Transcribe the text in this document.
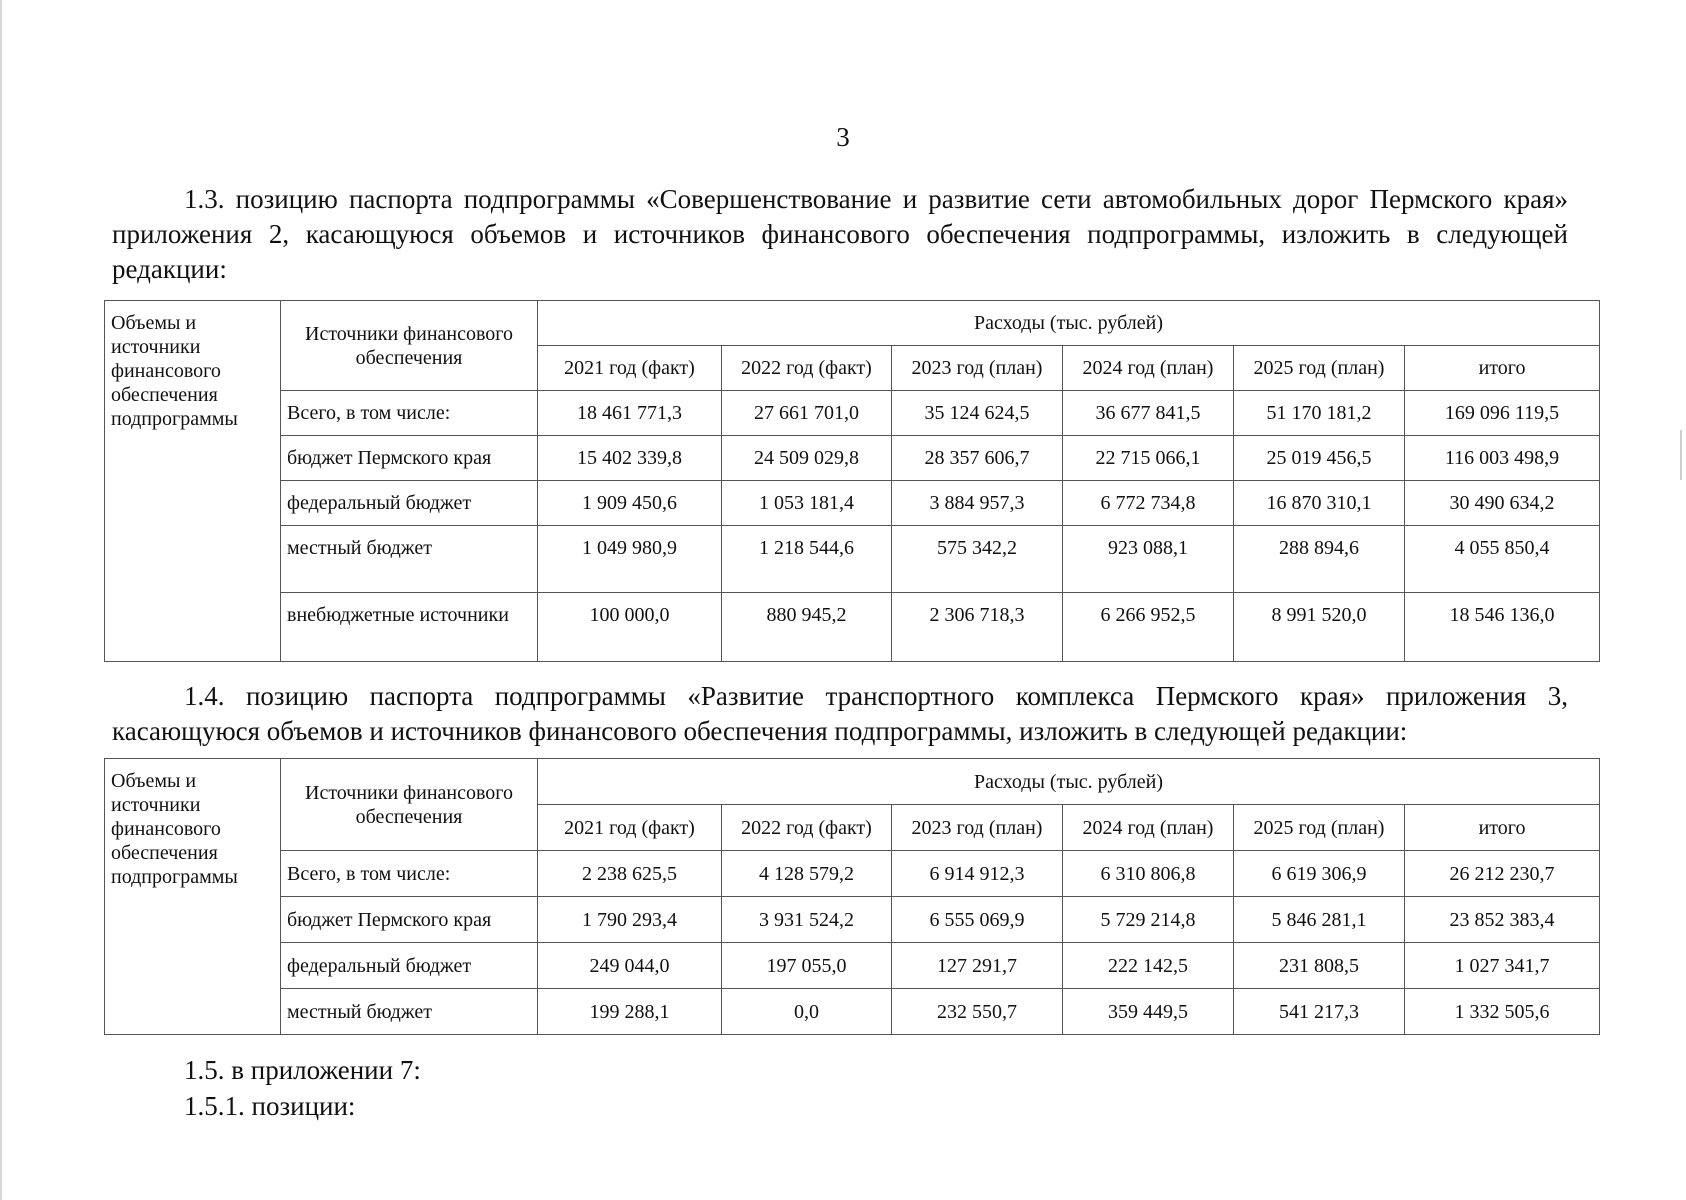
3
1.3. позицию паспорта подпрограммы «Совершенствование и развитие сети автомобильных дорог Пермского края» приложения 2, касающуюся объемов и источников финансового обеспечения подпрограммы, изложить в следующей редакции:
Объемы и источники финансового обеспечения подпрограммы	Источники финансового обеспечения	Расходы (тыс. рублей)					
		2021 год (факт)	2022 год (факт)	2023 год (план)	2024 год (план)	2025 год (план)	итого
	Всего, в том числе:	18 461 771,3	27 661 701,0	35 124 624,5	36 677 841,5	51 170 181,2	169 096 119,5
	бюджет Пермского края	15 402 339,8	24 509 029,8	28 357 606,7	22 715 066,1	25 019 456,5	116 003 498,9
	федеральный бюджет	1 909 450,6	1 053 181,4	3 884 957,3	6 772 734,8	16 870 310,1	30 490 634,2
	местный бюджет	1 049 980,9	1 218 544,6	575 342,2	923 088,1	288 894,6	4 055 850,4
	внебюджетные источники	100 000,0	880 945,2	2 306 718,3	6 266 952,5	8 991 520,0	18 546 136,0
1.4. позицию паспорта подпрограммы «Развитие транспортного комплекса Пермского края» приложения 3, касающуюся объемов и источников финансового обеспечения подпрограммы, изложить в следующей редакции:
Объемы и источники финансового обеспечения подпрограммы	Источники финансового обеспечения	Расходы (тыс. рублей)					
		2021 год (факт)	2022 год (факт)	2023 год (план)	2024 год (план)	2025 год (план)	итого
	Всего, в том числе:	2 238 625,5	4 128 579,2	6 914 912,3	6 310 806,8	6 619 306,9	26 212 230,7
	бюджет Пермского края	1 790 293,4	3 931 524,2	6 555 069,9	5 729 214,8	5 846 281,1	23 852 383,4
	федеральный бюджет	249 044,0	197 055,0	127 291,7	222 142,5	231 808,5	1 027 341,7
	местный бюджет	199 288,1	0,0	232 550,7	359 449,5	541 217,3	1 332 505,6
1.5. в приложении 7:
1.5.1. позиции:
